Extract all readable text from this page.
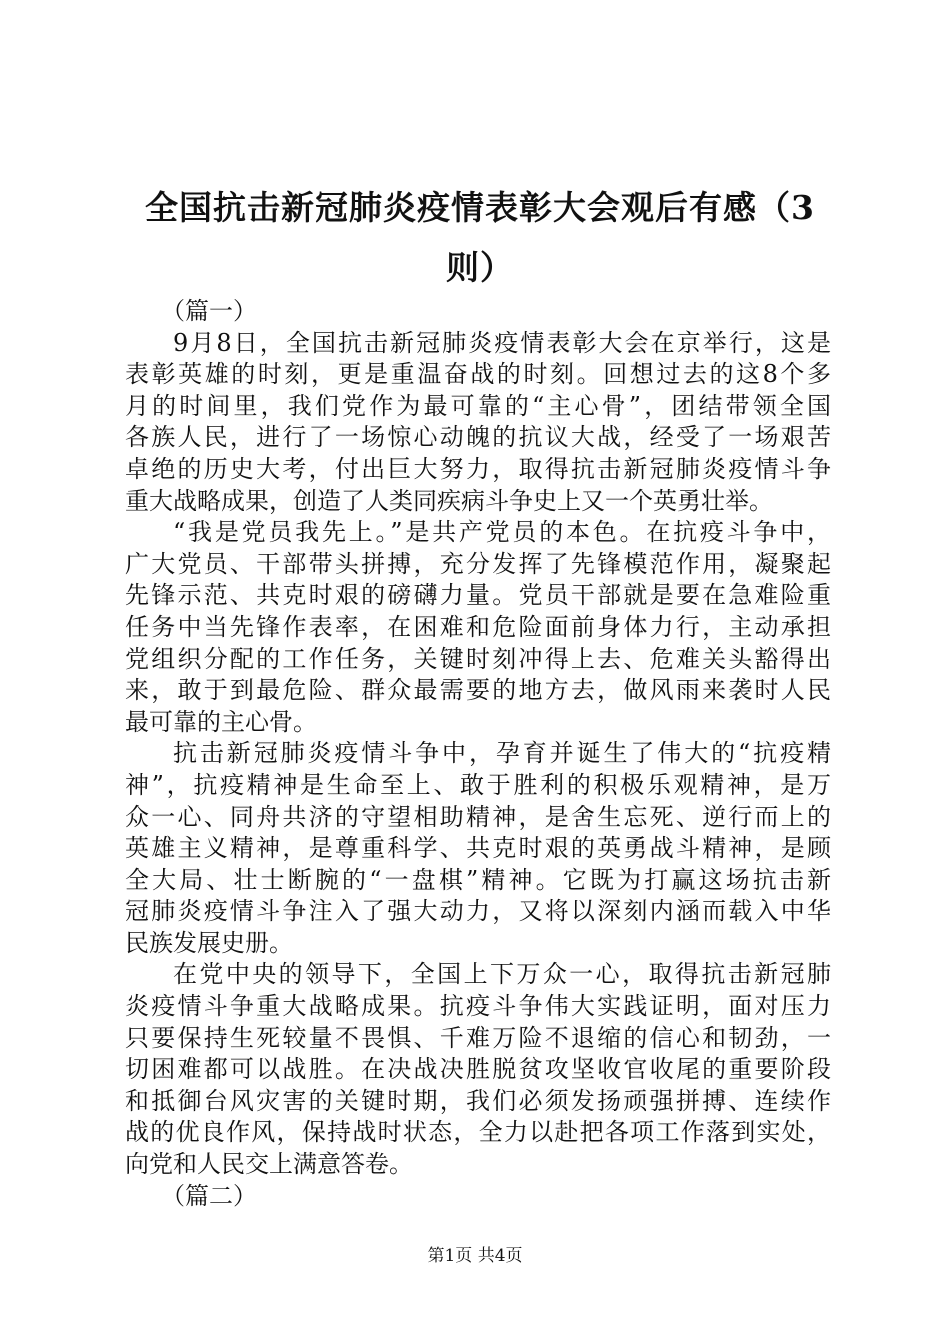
全国抗击新冠肺炎疫情表彰大会观后有感（3
则）
（篇一）
9月8日，全国抗击新冠肺炎疫情表彰大会在京举行，这是
表彰英雄的时刻，更是重温奋战的时刻。回想过去的这8个多
月的时间里，我们党作为最可靠的“主心骨”，团结带领全国
各族人民，进行了一场惊心动魄的抗议大战，经受了一场艰苦
卓绝的历史大考，付出巨大努力，取得抗击新冠肺炎疫情斗争
重大战略成果，创造了人类同疾病斗争史上又一个英勇壮举。
“我是党员我先上。”是共产党员的本色。在抗疫斗争中，
广大党员、干部带头拼搏，充分发挥了先锋模范作用，凝聚起
先锋示范、共克时艰的磅礴力量。党员干部就是要在急难险重
任务中当先锋作表率，在困难和危险面前身体力行，主动承担
党组织分配的工作任务，关键时刻冲得上去、危难关头豁得出
来，敢于到最危险、群众最需要的地方去，做风雨来袭时人民
最可靠的主心骨。
抗击新冠肺炎疫情斗争中，孕育并诞生了伟大的“抗疫精
神”，抗疫精神是生命至上、敢于胜利的积极乐观精神，是万
众一心、同舟共济的守望相助精神，是舍生忘死、逆行而上的
英雄主义精神，是尊重科学、共克时艰的英勇战斗精神，是顾
全大局、壮士断腕的“一盘棋”精神。它既为打赢这场抗击新
冠肺炎疫情斗争注入了强大动力，又将以深刻内涵而载入中华
民族发展史册。
在党中央的领导下，全国上下万众一心，取得抗击新冠肺
炎疫情斗争重大战略成果。抗疫斗争伟大实践证明，面对压力
只要保持生死较量不畏惧、千难万险不退缩的信心和韧劲，一
切困难都可以战胜。在决战决胜脱贫攻坚收官收尾的重要阶段
和抵御台风灾害的关键时期，我们必须发扬顽强拼搏、连续作
战的优良作风，保持战时状态，全力以赴把各项工作落到实处，
向党和人民交上满意答卷。
（篇二）
第1页 共4页
